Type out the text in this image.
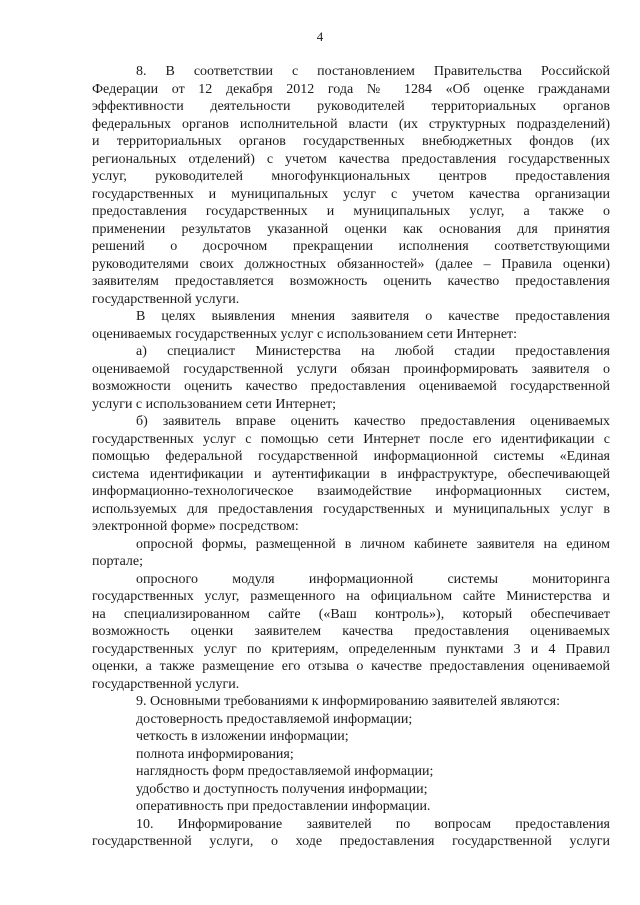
4
8. В соответствии с постановлением Правительства Российской
Федерации от 12 декабря 2012 года № 1284 «Об оценке гражданами
эффективности деятельности руководителей территориальных органов
федеральных органов исполнительной власти (их структурных подразделений)
и территориальных органов государственных внебюджетных фондов (их
региональных отделений) с учетом качества предоставления государственных
услуг, руководителей многофункциональных центров предоставления
государственных и муниципальных услуг с учетом качества организации
предоставления государственных и муниципальных услуг, а также о
применении результатов указанной оценки как основания для принятия
решений о досрочном прекращении исполнения соответствующими
руководителями своих должностных обязанностей» (далее – Правила оценки)
заявителям предоставляется возможность оценить качество предоставления
государственной услуги.
В целях выявления мнения заявителя о качестве предоставления
оцениваемых государственных услуг с использованием сети Интернет:
а) специалист Министерства на любой стадии предоставления
оцениваемой государственной услуги обязан проинформировать заявителя о
возможности оценить качество предоставления оцениваемой государственной
услуги с использованием сети Интернет;
б) заявитель вправе оценить качество предоставления оцениваемых
государственных услуг с помощью сети Интернет после его идентификации с
помощью федеральной государственной информационной системы «Единая
система идентификации и аутентификации в инфраструктуре, обеспечивающей
информационно-технологическое взаимодействие информационных систем,
используемых для предоставления государственных и муниципальных услуг в
электронной форме» посредством:
опросной формы, размещенной в личном кабинете заявителя на едином
портале;
опросного модуля информационной системы мониторинга
государственных услуг, размещенного на официальном сайте Министерства и
на специализированном сайте («Ваш контроль»), который обеспечивает
возможность оценки заявителем качества предоставления оцениваемых
государственных услуг по критериям, определенным пунктами 3 и 4 Правил
оценки, а также размещение его отзыва о качестве предоставления оцениваемой
государственной услуги.
9. Основными требованиями к информированию заявителей являются:
достоверность предоставляемой информации;
четкость в изложении информации;
полнота информирования;
наглядность форм предоставляемой информации;
удобство и доступность получения информации;
оперативность при предоставлении информации.
10. Информирование заявителей по вопросам предоставления
государственной услуги, о ходе предоставления государственной услуги
